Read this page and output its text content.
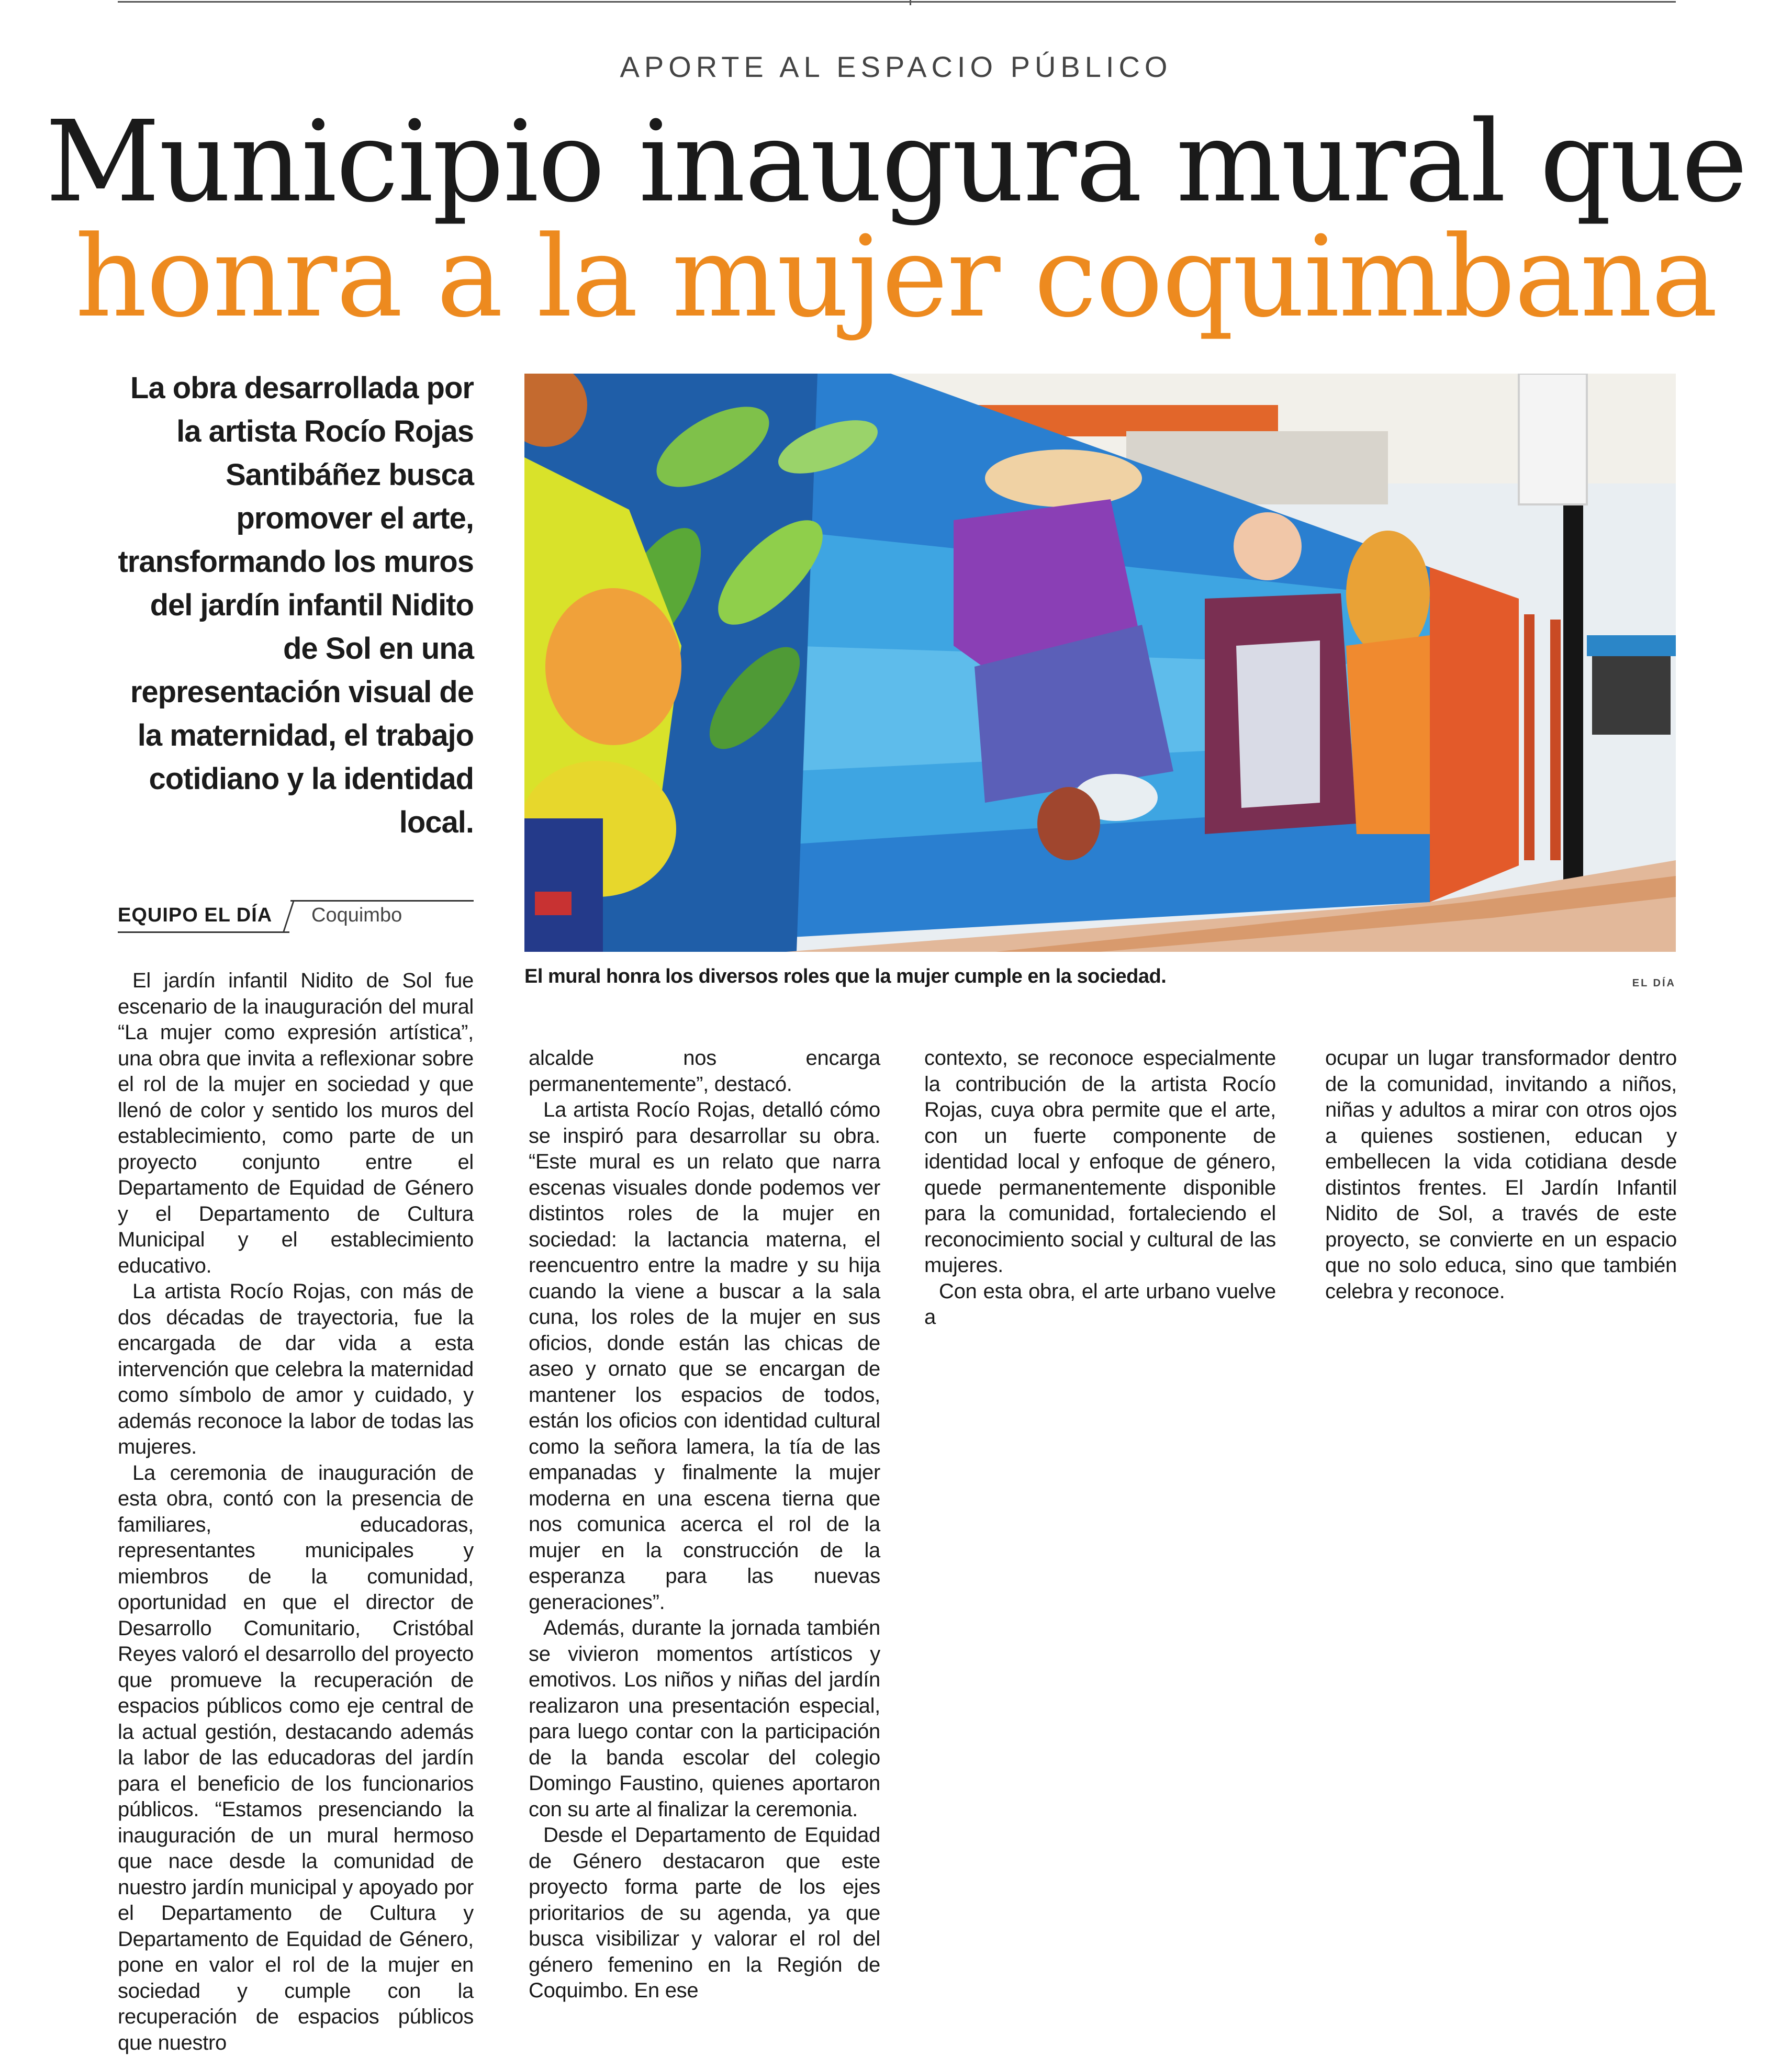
APORTE AL ESPACIO PÚBLICO
Municipio inaugura mural que
honra a la mujer coquimbana
La obra desarrollada por la artista Rocío Rojas Santibáñez busca promover el arte, transformando los muros del jardín infantil Nidito de Sol en una representación visual de la maternidad, el trabajo cotidiano y la identidad local.
EQUIPO EL DÍA Coquimbo
El mural honra los diversos roles que la mujer cumple en la sociedad.	EL DÍA

El jardín infantil Nidito de Sol fue escenario de la inauguración del mural “La mujer como expresión artística”, una obra que invita a reflexionar sobre el rol de la mujer en sociedad y que llenó de color y sentido los muros del establecimiento, como parte de un proyecto conjunto entre el Departamento de Equidad de Género y el Departamento de Cultura Municipal y el establecimiento educativo.

La artista Rocío Rojas, con más de dos décadas de trayectoria, fue la encargada de dar vida a esta intervención que celebra la maternidad como símbolo de amor y cuidado, y además reconoce la labor de todas las mujeres.

La ceremonia de inauguración de esta obra, contó con la presencia de familiares, educadoras, representantes municipales y miembros de la comunidad, oportunidad en que el director de Desarrollo Comunitario, Cristóbal Reyes valoró el desarrollo del proyecto que promueve la recuperación de espacios públicos como eje central de la actual gestión, destacando además la labor de las educadoras del jardín para el beneficio de los funcionarios públicos. “Estamos presenciando la inauguración de un mural hermoso que nace desde la comunidad de nuestro jardín municipal y apoyado por el Departamento de Cultura y Departamento de Equidad de Género, pone en valor el rol de la mujer en sociedad y cumple con la recuperación de espacios públicos que nuestro

alcalde nos encarga permanentemente”, destacó.

La artista Rocío Rojas, detalló cómo se inspiró para desarrollar su obra. “Este mural es un relato que narra escenas visuales donde podemos ver distintos roles de la mujer en sociedad: la lactancia materna, el reencuentro entre la madre y su hija cuando la viene a buscar a la sala cuna, los roles de la mujer en sus oficios, donde están las chicas de aseo y ornato que se encargan de mantener los espacios de todos, están los oficios con identidad cultural como la señora lamera, la tía de las empanadas y finalmente la mujer moderna en una escena tierna que nos comunica acerca el rol de la mujer en la construcción de la esperanza para las nuevas generaciones”.

Además, durante la jornada también se vivieron momentos artísticos y emotivos. Los niños y niñas del jardín realizaron una presentación especial, para luego contar con la participación de la banda escolar del colegio Domingo Faustino, quienes aportaron con su arte al finalizar la ceremonia.

Desde el Departamento de Equidad de Género destacaron que este proyecto forma parte de los ejes prioritarios de su agenda, ya que busca visibilizar y valorar el rol del género femenino en la Región de Coquimbo. En ese

contexto, se reconoce especialmente la contribución de la artista Rocío Rojas, cuya obra permite que el arte, con un fuerte componente de identidad local y enfoque de género, quede permanentemente disponible para la comunidad, fortaleciendo el reconocimiento social y cultural de las mujeres.

Con esta obra, el arte urbano vuelve a

ocupar un lugar transformador dentro de la comunidad, invitando a niños, niñas y adultos a mirar con otros ojos a quienes sostienen, educan y embellecen la vida cotidiana desde distintos frentes. El Jardín Infantil Nidito de Sol, a través de este proyecto, se convierte en un espacio que no solo educa, sino que también celebra y reconoce.
